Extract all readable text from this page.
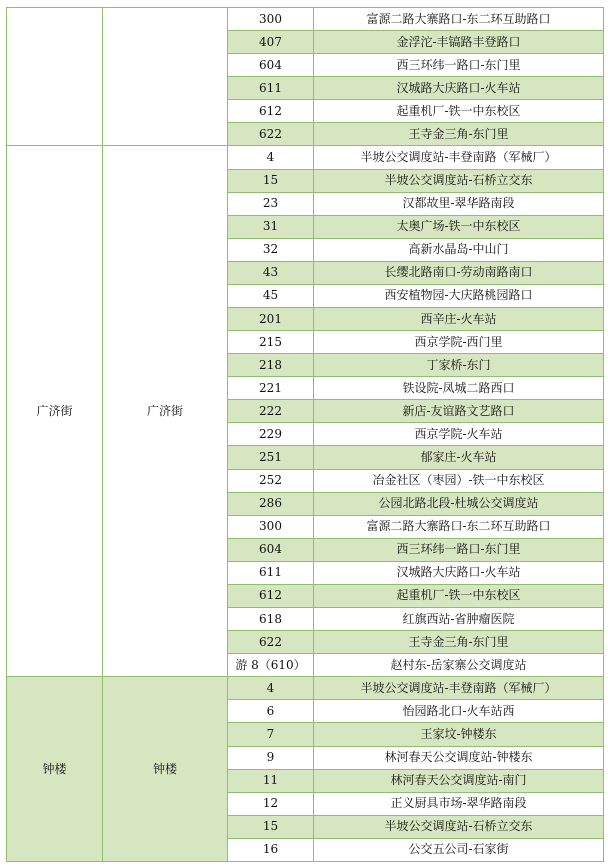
		300	富源二路大寨路口-东二环互助路口
		407	金浮沱-丰镐路丰登路口
		604	西三环纬一路口-东门里
		611	汉城路大庆路口-火车站
		612	起重机厂-铁一中东校区
		622	王寺金三角-东门里
广济街	广济街	4	半坡公交调度站-丰登南路（军械厂）
		15	半坡公交调度站-石桥立交东
		23	汉都故里-翠华路南段
		31	太奥广场-铁一中东校区
		32	高新水晶岛-中山门
		43	长缨北路南口-劳动南路南口
		45	西安植物园-大庆路桃园路口
		201	西辛庄-火车站
		215	西京学院-西门里
		218	丁家桥-东门
		221	铁设院-凤城二路西口
		222	新店-友谊路文艺路口
		229	西京学院-火车站
		251	郁家庄-火车站
		252	冶金社区（枣园）-铁一中东校区
		286	公园北路北段-杜城公交调度站
		300	富源二路大寨路口-东二环互助路口
		604	西三环纬一路口-东门里
		611	汉城路大庆路口-火车站
		612	起重机厂-铁一中东校区
		618	红旗西站-省肿瘤医院
		622	王寺金三角-东门里
		游 8（610）	赵村东-岳家寨公交调度站
钟楼	钟楼	4	半坡公交调度站-丰登南路（军械厂）
		6	怡园路北口-火车站西
		7	王家坟-钟楼东
		9	林河春天公交调度站-钟楼东
		11	林河春天公交调度站-南门
		12	正义厨具市场-翠华路南段
		15	半坡公交调度站-石桥立交东
		16	公交五公司-石家街
